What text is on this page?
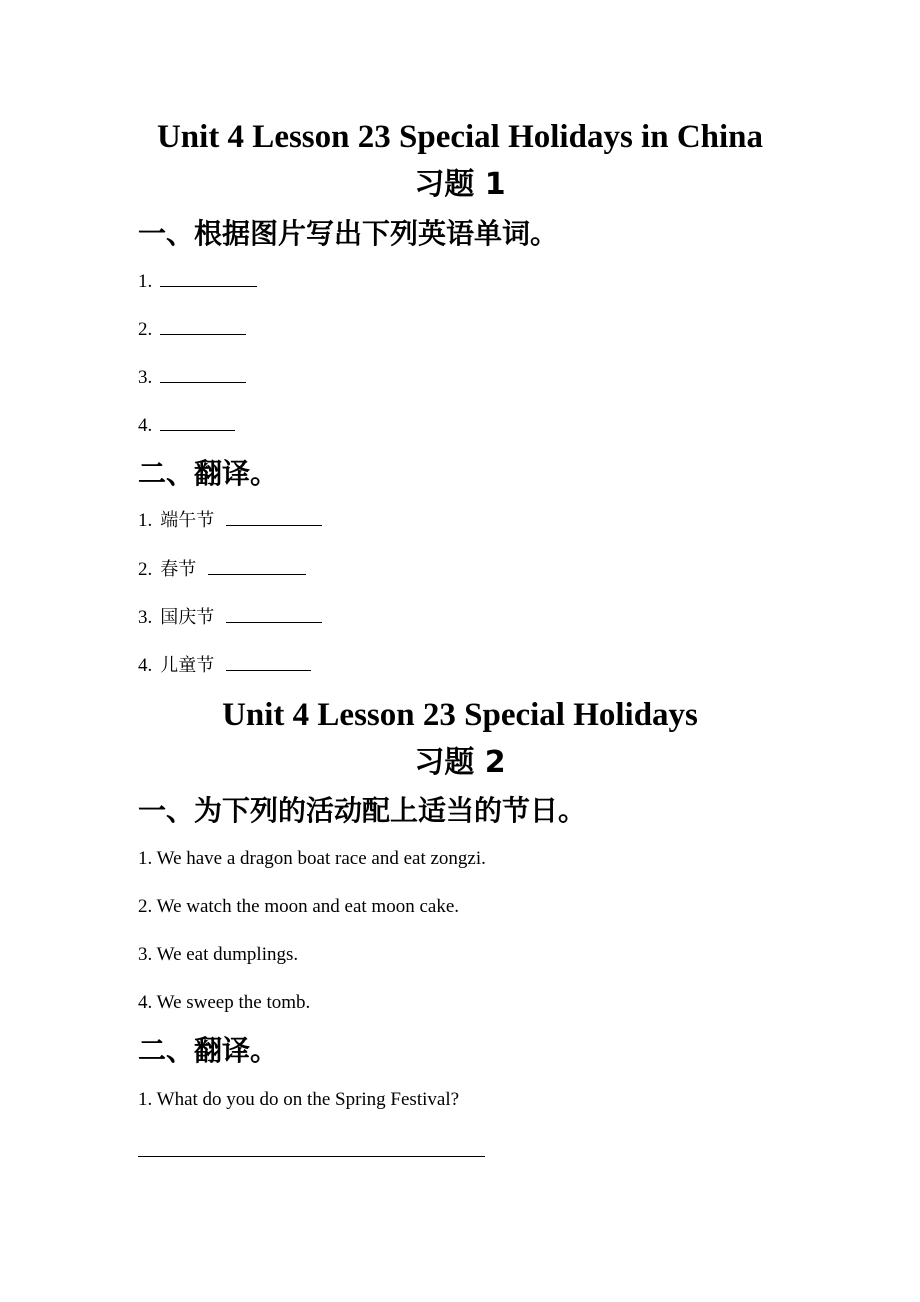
Unit 4 Lesson 23 Special Holidays in China
习题 1
一、根据图片写出下列英语单词。
1.
2.
3.
4.
二、翻译。
1. 端午节
2. 春节
3. 国庆节
4. 儿童节
Unit 4 Lesson 23 Special Holidays
习题 2
一、为下列的活动配上适当的节日。
1. We have a dragon boat race and eat zongzi.
2. We watch the moon and eat moon cake.
3. We eat dumplings.
4. We sweep the tomb.
二、翻译。
1. What do you do on the Spring Festival?
